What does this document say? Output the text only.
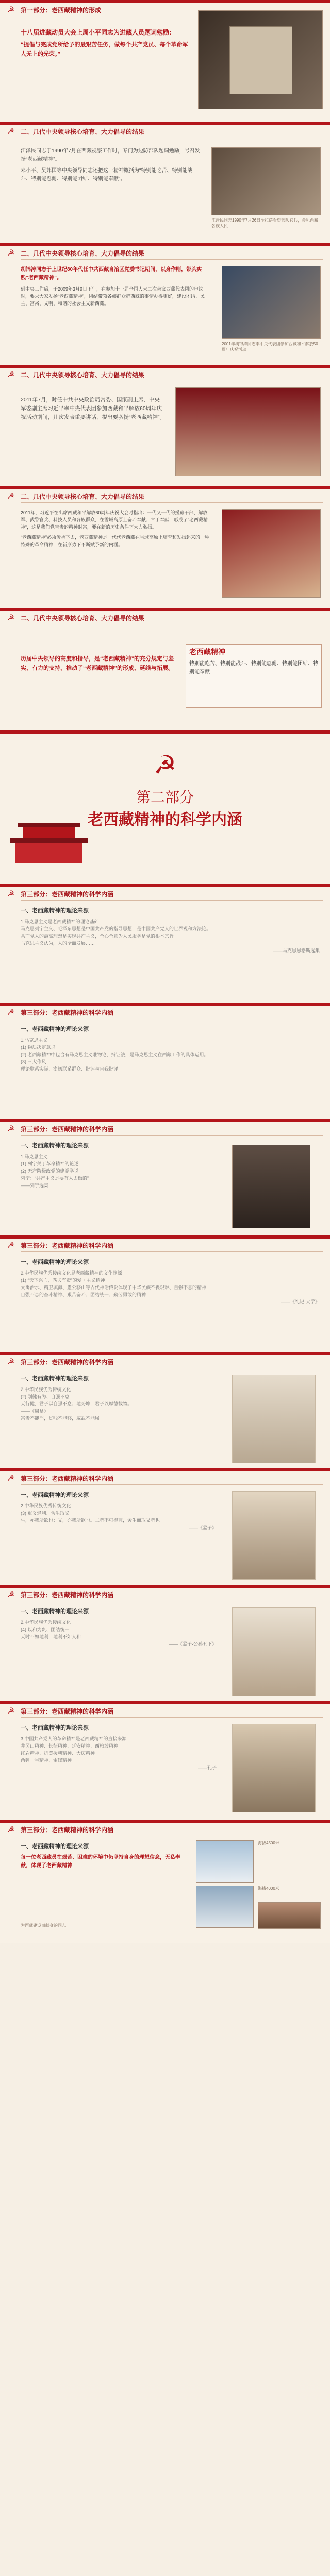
☭ 第一部分：老西藏精神的形成
十八届进藏动员大会上周小平同志为进藏人员题词勉励：
“提倡与完成党所给予的最艰苦任务，做每个共产党员、每个革命军人无上的光荣。”
☭ 二、几代中央领导核心培育、大力倡导的结果
江泽民同志于1990年7月在西藏视察工作时，专门为边防部队题词勉励，号召发扬“老西藏精神”。
邓小平、吴邦国等中央领导同志还把这一精神概括为“特别能吃苦、特别能战斗、特别能忍耐、特别能团结、特别能奉献”。
江泽民同志1990年7月26日至拉萨看望部队官兵，会见西藏各族人民
☭ 二、几代中央领导核心培育、大力倡导的结果
胡锦涛同志于上世纪80年代任中共西藏自治区党委书记期间，以身作则，带头实践“老西藏精神”。
到中央工作后，于2009年3月9日下午，在参加十一届全国人大二次会议西藏代表团的审议时，要求大家发扬“老西藏精神”，团结带领各族群众把西藏的事情办得更好，建设团结、民主、富裕、文明、和谐的社会主义新西藏。
2001年胡锦涛同志率中央代表团参加西藏和平解放50周年庆祝活动
☭ 二、几代中央领导核心培育、大力倡导的结果
2011年7月，时任中共中央政治局常委、国家副主席、中央军委副主席习近平率中央代表团参加西藏和平解放60周年庆祝活动期间，几次发表重要讲话，提出要弘扬“老西藏精神”。
☭ 二、几代中央领导核心培育、大力倡导的结果
2011年，习近平在出席西藏和平解放60周年庆祝大会时指出：一代又一代的援藏干部、解放军、武警官兵、科技人员和各族群众，在雪域高原上奋斗奉献、甘于奉献，形成了“老西藏精神”，这是我们党宝贵的精神财富，要在新的历史条件下大力弘扬。
“老西藏精神”必须传承下去，老西藏精神是一代代老西藏在雪域高原上培育和发扬起来的一种特殊的革命精神，在新形势下不断赋予新的内涵。
☭ 二、几代中央领导核心培育、大力倡导的结果
历届中央领导的高度和指导，是“老西藏精神”的充分规定与坚实、有力的支持，推动了“老西藏精神”的形成、延续与拓展。
老西藏精神
特别能吃苦、特别能战斗、特别能忍耐、特别能团结、特别能奉献
☭
第二部分
老西藏精神的科学内涵
☭ 第三部分：老西藏精神的科学内涵
一、老西藏精神的理论来源
1.马克思主义是老西藏精神的理论基础
马克思列宁主义、毛泽东思想是中国共产党的指导思想，是中国共产党人的世界观和方法论。
共产党人的最高理想是实现共产主义，全心全意为人民服务是党的根本宗旨。
马克思主义认为，人的全面发展……
——马克思恩格斯选集
☭ 第三部分：老西藏精神的科学内涵
一、老西藏精神的理论来源
1.马克思主义
(1) 物质决定意识
(2) 老西藏精神中包含有马克思主义唯物论、辩证法，是马克思主义在西藏工作的具体运用。
(3) 三大作风
理论联系实际、密切联系群众、批评与自我批评
☭ 第三部分：老西藏精神的科学内涵
一、老西藏精神的理论来源
1.马克思主义
(1) 列宁关于革命精神的论述
(2) 无产阶级政党的建党学说
列宁：“共产主义是要有人去做的”
——列宁选集
☭ 第三部分：老西藏精神的科学内涵
一、老西藏精神的理论来源
2.中华民族优秀传统文化是老西藏精神的文化渊源
(1) “天下兴亡，匹夫有责”的爱国主义精神
大禹治水、精卫填海、愚公移山等古代神话传说体现了中华民族不畏艰难、自强不息的精神
自强不息的奋斗精神、艰苦奋斗、团结统一、勤劳勇敢的精神
——《礼记·大学》
☭ 第三部分：老西藏精神的科学内涵
一、老西藏精神的理论来源
2.中华民族优秀传统文化
(2) 刚健有为、自强不息
天行健，君子以自强不息；地势坤，君子以厚德载物。
——《周易》
富贵不能淫，贫贱不能移，威武不能屈
☭ 第三部分：老西藏精神的科学内涵
一、老西藏精神的理论来源
2.中华民族优秀传统文化
(3) 重义轻利、舍生取义
生，亦我所欲也；义，亦我所欲也。二者不可得兼，舍生而取义者也。
——《孟子》
☭ 第三部分：老西藏精神的科学内涵
一、老西藏精神的理论来源
2.中华民族优秀传统文化
(4) 以和为贵、团结统一
天时不如地利，地利不如人和
——《孟子·公孙丑下》
☭ 第三部分：老西藏精神的科学内涵
一、老西藏精神的理论来源
3.中国共产党人的革命精神是老西藏精神的直接来源
井冈山精神、长征精神、延安精神、西柏坡精神
红岩精神、抗美援朝精神、大庆精神
两弹一星精神、雷锋精神
——孔子
☭ 第三部分：老西藏精神的科学内涵
一、老西藏精神的理论来源
每一位老西藏员在艰苦、困难的环境中仍坚持自身的理想信念，无私奉献，体现了老西藏精神
海拔4500米
海拔4000米
为西藏建设而献身的同志
